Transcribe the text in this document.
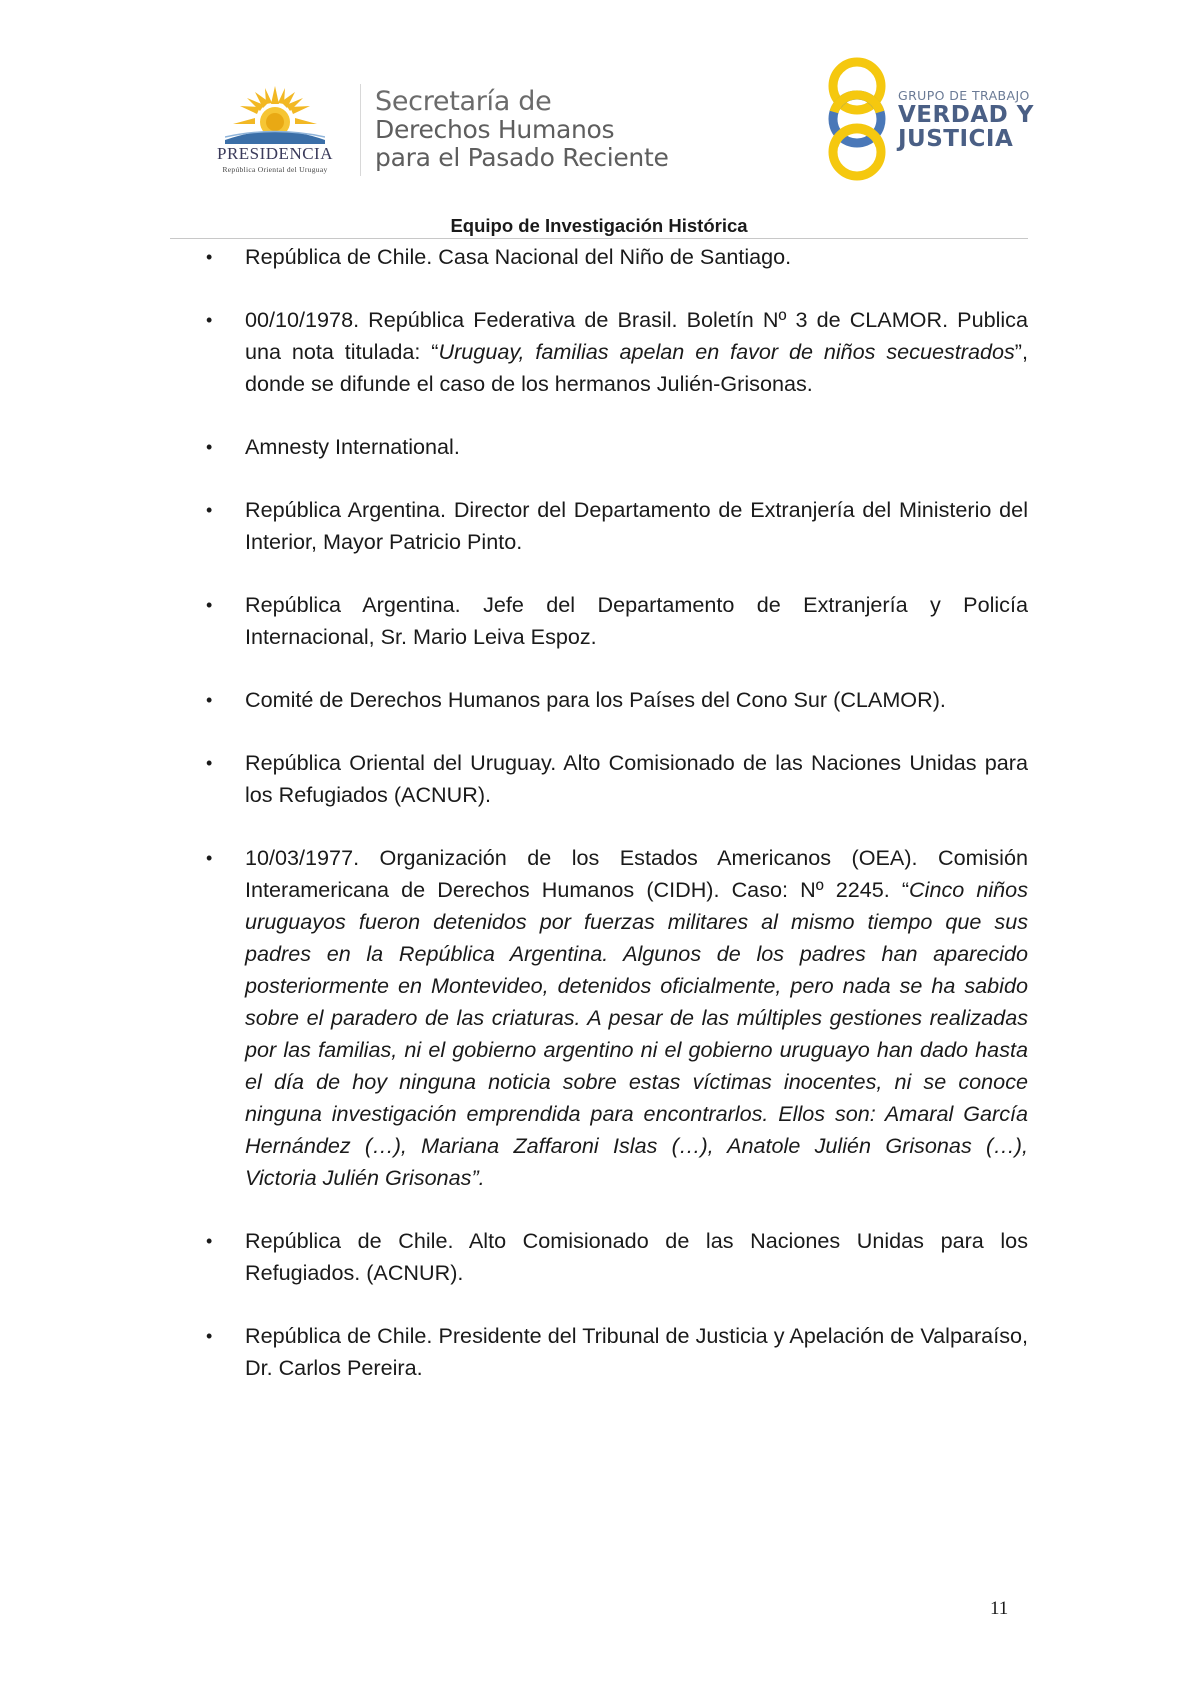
PRESIDENCIA
República Oriental del Uruguay
Secretaría de
Derechos Humanos
para el Pasado Reciente
GRUPO DE TRABAJO
VERDAD Y
JUSTICIA
Equipo de Investigación Histórica
•	República de Chile. Casa Nacional del Niño de Santiago.
•	00/10/1978. República Federativa de Brasil. Boletín Nº 3 de CLAMOR. Publica una nota titulada: “Uruguay, familias apelan en favor de niños secuestrados”, donde se difunde el caso de los hermanos Julién-Grisonas.
•	Amnesty International.
•	República Argentina. Director del Departamento de Extranjería del Ministerio del Interior, Mayor Patricio Pinto.
•	República Argentina. Jefe del Departamento de Extranjería y Policía Internacional, Sr. Mario Leiva Espoz.
•	Comité de Derechos Humanos para los Países del Cono Sur (CLAMOR).
•	República Oriental del Uruguay. Alto Comisionado de las Naciones Unidas para los Refugiados (ACNUR).
•	10/03/1977. Organización de los Estados Americanos (OEA). Comisión Interamericana de Derechos Humanos (CIDH). Caso: Nº 2245. “Cinco niños uruguayos fueron detenidos por fuerzas militares al mismo tiempo que sus padres en la República Argentina. Algunos de los padres han aparecido posteriormente en Montevideo, detenidos oficialmente, pero nada se ha sabido sobre el paradero de las criaturas. A pesar de las múltiples gestiones realizadas por las familias, ni el gobierno argentino ni el gobierno uruguayo han dado hasta el día de hoy ninguna noticia sobre estas víctimas inocentes, ni se conoce ninguna investigación emprendida para encontrarlos. Ellos son: Amaral García Hernández (…), Mariana Zaffaroni Islas (…), Anatole Julién Grisonas (…), Victoria Julién Grisonas”.
•	República de Chile. Alto Comisionado de las Naciones Unidas para los Refugiados. (ACNUR).
•	República de Chile. Presidente del Tribunal de Justicia y Apelación de Valparaíso, Dr. Carlos Pereira.
11
